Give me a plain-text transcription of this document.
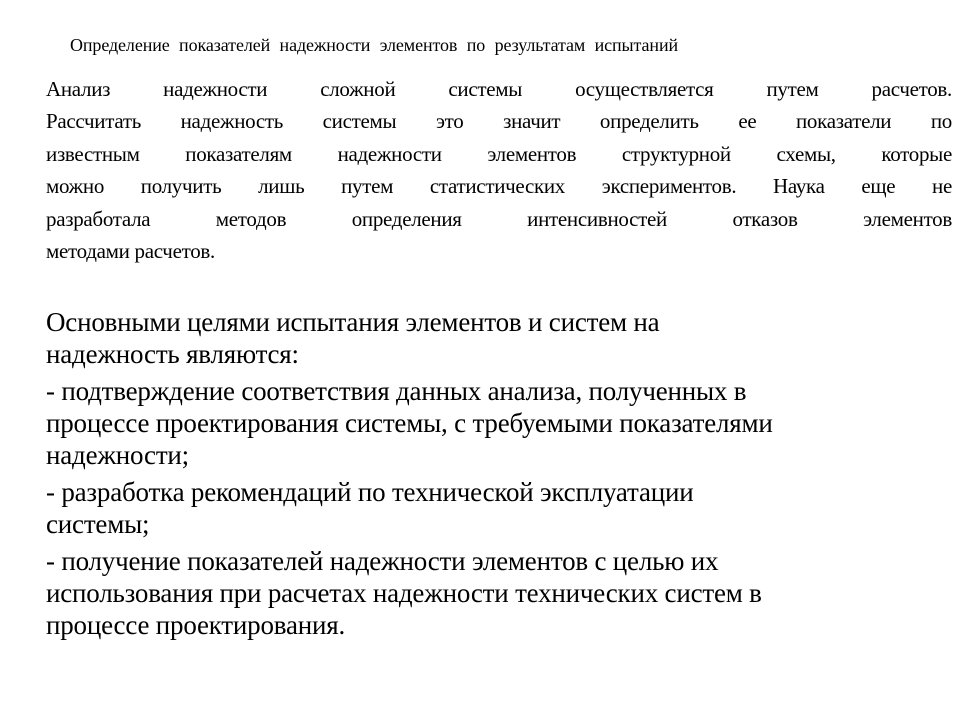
Определение показателей надежности элементов по результатам испытаний
Анализ надежности сложной системы осуществляется путем расчетов.
Рассчитать надежность системы это значит определить ее показатели по
известным показателям надежности элементов структурной схемы, которые
можно получить лишь путем статистических экспериментов. Наука еще не
разработала методов определения интенсивностей отказов элементов
методами расчетов.
Основными целями испытания элементов и систем на
надежность являются:
- подтверждение соответствия данных анализа, полученных в
процессе проектирования системы, с требуемыми показателями
надежности;
- разработка рекомендаций по технической эксплуатации
системы;
- получение показателей надежности элементов с целью их
использования при расчетах надежности технических систем в
процессе проектирования.
